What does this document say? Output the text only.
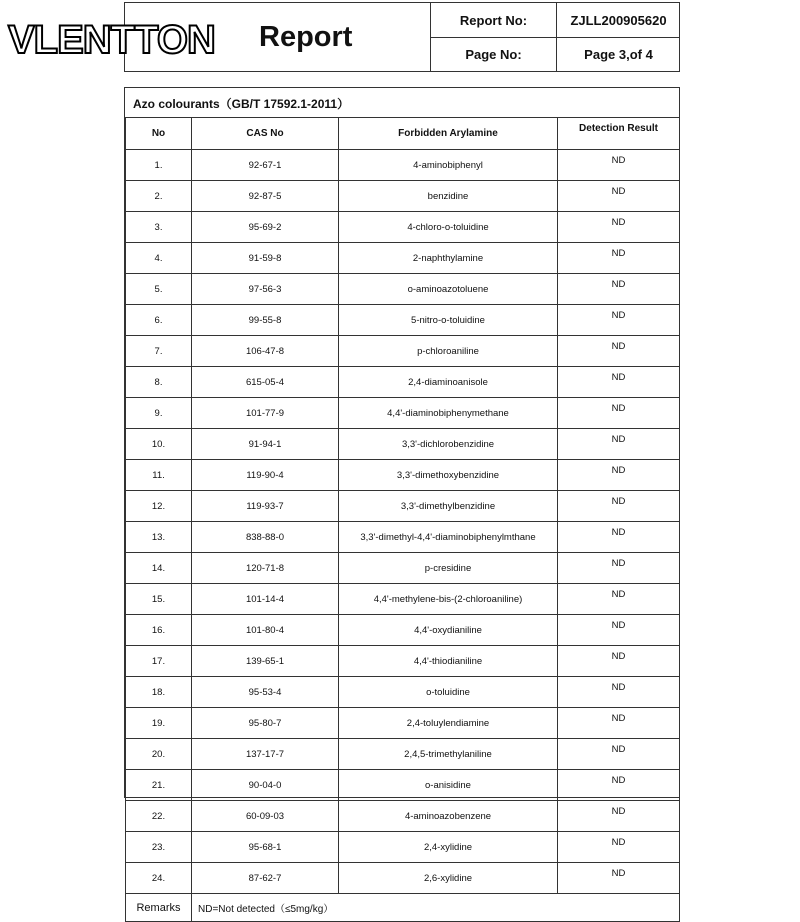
VLENTTON Report
Report No:	ZJLL200905620
Page No:	Page 3,of 4
Azo colourants（GB/T 17592.1-2011）
No	CAS No	Forbidden Arylamine	Detection Result
1.	92-67-1	4-aminobiphenyl	ND
2.	92-87-5	benzidine	ND
3.	95-69-2	4-chloro-o-toluidine	ND
4.	91-59-8	2-naphthylamine	ND
5.	97-56-3	o-aminoazotoluene	ND
6.	99-55-8	5-nitro-o-toluidine	ND
7.	106-47-8	p-chloroaniline	ND
8.	615-05-4	2,4-diaminoanisole	ND
9.	101-77-9	4,4'-diaminobiphenymethane	ND
10.	91-94-1	3,3'-dichlorobenzidine	ND
11.	119-90-4	3,3'-dimethoxybenzidine	ND
12.	119-93-7	3,3'-dimethylbenzidine	ND
13.	838-88-0	3,3'-dimethyl-4,4'-diaminobiphenylmthane	ND
14.	120-71-8	p-cresidine	ND
15.	101-14-4	4,4'-methylene-bis-(2-chloroaniline)	ND
16.	101-80-4	4,4'-oxydianiline	ND
17.	139-65-1	4,4'-thiodianiline	ND
18.	95-53-4	o-toluidine	ND
19.	95-80-7	2,4-toluylendiamine	ND
20.	137-17-7	2,4,5-trimethylaniline	ND
21.	90-04-0	o-anisidine	ND
22.	60-09-03	4-aminoazobenzene	ND
23.	95-68-1	2,4-xylidine	ND
24.	87-62-7	2,6-xylidine	ND
Remarks	ND=Not detected（≤5mg/kg）		
